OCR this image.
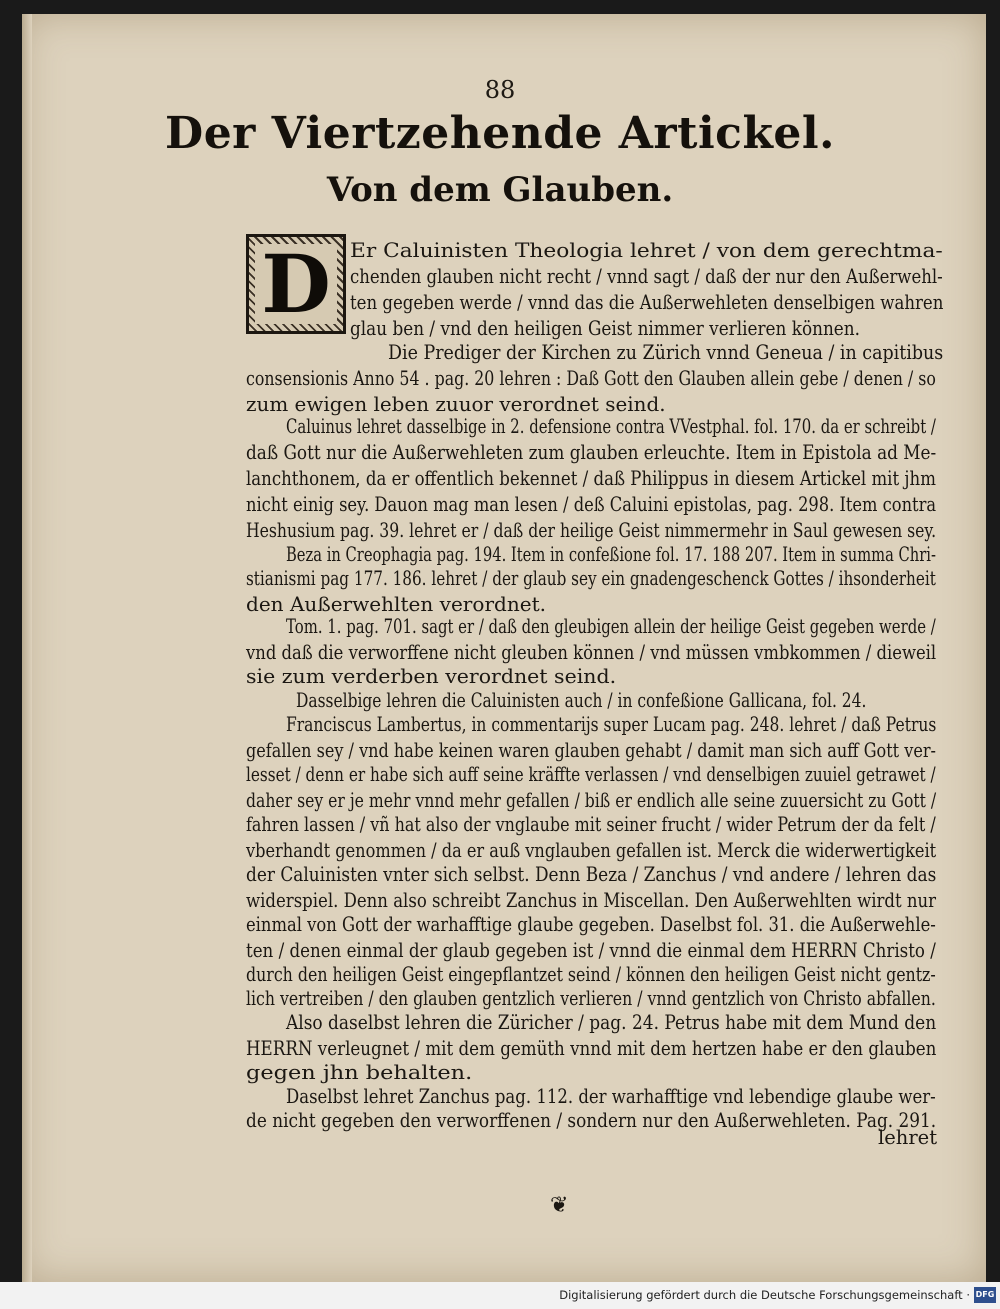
88
Der Viertzehende Artickel.
Von dem Glauben.
D Er Caluinisten Theologia lehret / von dem gerechtma-
chenden glauben nicht recht / vnnd sagt / daß der nur den Außerwehl-
ten gegeben werde / vnnd das die Außerwehleten denselbigen wahren
glau ben / vnd den heiligen Geist nimmer verlieren können.
Die Prediger der Kirchen zu Zürich vnnd Geneua / in capitibus
consensionis Anno 54 . pag. 20 lehren : Daß Gott den Glauben allein gebe / denen / so
zum ewigen leben zuuor verordnet seind.
Caluinus lehret dasselbige in 2. defensione contra VVestphal. fol. 170. da er schreibt /
daß Gott nur die Außerwehleten zum glauben erleuchte. Item in Epistola ad Me-
lanchthonem, da er offentlich bekennet / daß Philippus in diesem Artickel mit jhm
nicht einig sey. Dauon mag man lesen / deß Caluini epistolas, pag. 298. Item contra
Heshusium pag. 39. lehret er / daß der heilige Geist nimmermehr in Saul gewesen sey.
Beza in Creophagia pag. 194. Item in confeßione fol. 17. 188 207. Item in summa Chri-
stianismi pag 177. 186. lehret / der glaub sey ein gnadengeschenck Gottes / ihsonderheit
den Außerwehlten verordnet.
Tom. 1. pag. 701. sagt er / daß den gleubigen allein der heilige Geist gegeben werde /
vnd daß die verworffene nicht gleuben können / vnd müssen vmbkommen / dieweil
sie zum verderben verordnet seind.
Dasselbige lehren die Caluinisten auch / in confeßione Gallicana, fol. 24.
Franciscus Lambertus, in commentarijs super Lucam pag. 248. lehret / daß Petrus
gefallen sey / vnd habe keinen waren glauben gehabt / damit man sich auff Gott ver-
lesset / denn er habe sich auff seine kräffte verlassen / vnd denselbigen zuuiel getrawet /
daher sey er je mehr vnnd mehr gefallen / biß er endlich alle seine zuuersicht zu Gott /
fahren lassen / vñ hat also der vnglaube mit seiner frucht / wider Petrum der da felt /
vberhandt genommen / da er auß vnglauben gefallen ist. Merck die widerwertigkeit
der Caluinisten vnter sich selbst. Denn Beza / Zanchus / vnd andere / lehren das
widerspiel. Denn also schreibt Zanchus in Miscellan. Den Außerwehlten wirdt nur
einmal von Gott der warhafftige glaube gegeben. Daselbst fol. 31. die Außerwehle-
ten / denen einmal der glaub gegeben ist / vnnd die einmal dem HERRN Christo /
durch den heiligen Geist eingepflantzet seind / können den heiligen Geist nicht gentz-
lich vertreiben / den glauben gentzlich verlieren / vnnd gentzlich von Christo abfallen.
Also daselbst lehren die Züricher / pag. 24. Petrus habe mit dem Mund den
HERRN verleugnet / mit dem gemüth vnnd mit dem hertzen habe er den glauben
gegen jhn behalten.
Daselbst lehret Zanchus pag. 112. der warhafftige vnd lebendige glaube wer-
de nicht gegeben den verworffenen / sondern nur den Außerwehleten. Pag. 291.
lehret
❦
Digitalisierung gefördert durch die Deutsche Forschungsgemeinschaft · DFG
